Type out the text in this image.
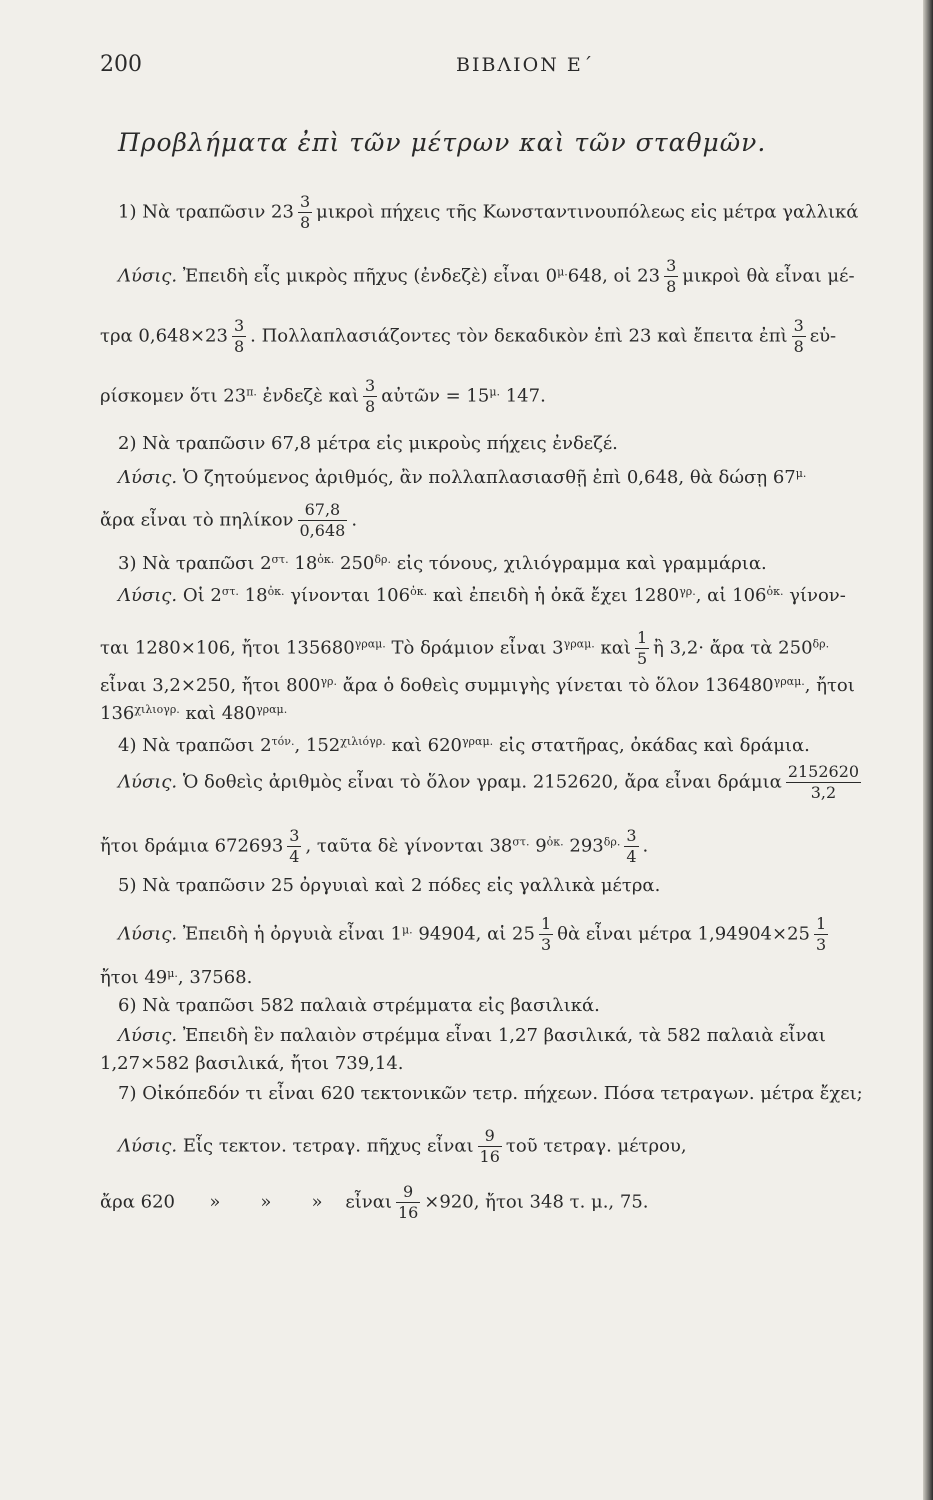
200	ΒΙΒΛΙΟΝ Ε΄
Προβλήματα ἐπὶ τῶν μέτρων καὶ τῶν σταθμῶν.
1) Νὰ τραπῶσιν $23 \frac{3}{8}$ μικροὶ πήχεις τῆς Κωνσταντινουπόλεως εἰς μέτρα γαλλικά
Λύσις. Ἐπειδὴ εἷς μικρὸς πῆχυς (ἐνδεζὲ) εἶναι $0^{\mu.}648$, οἱ $23 \frac{3}{8}$ μικροὶ θὰ εἶναι μέ-
τρα $0,648\times 23 \frac{3}{8}$ . Πολλαπλασιάζοντες τὸν δεκαδικὸν ἐπὶ 23 καὶ ἔπειτα ἐπὶ $\frac{3}{8}$ εὑ-
ρίσκομεν ὅτι $23^{\pi.}$ ἐνδεζὲ καὶ $\frac{3}{8}$ αὐτῶν = $15^{\mu.}$ 147.
2) Νὰ τραπῶσιν 67,8 μέτρα εἰς μικροὺς πήχεις ἐνδεζέ.
Λύσις. Ὁ ζητούμενος ἀριθμός, ἂν πολλαπλασιασθῇ ἐπὶ 0,648, θὰ δώσῃ $67^{\mu.}$
ἄρα εἶναι τὸ πηλίκον $\frac{67,8}{0,648}$ .
3) Νὰ τραπῶσι $2^{\sigma\tau.}$ $18^{ὀ\kappa.}$ $250^{\delta\rho.}$ εἰς τόνους, χιλιόγραμμα καὶ γραμμάρια.
Λύσις. Οἱ $2^{\sigma\tau.}$ $18^{ὀ\kappa.}$ γίνονται $106^{ὀ\kappa.}$ καὶ ἐπειδὴ ἡ ὀκᾶ ἔχει $1280^{\gamma\rho.}$, αἱ $106^{ὀ\kappa.}$ γίνον-
ται 1280×106, ἤτοι $135680^{\gamma\rho\alpha\mu.}$ Τὸ δράμιον εἶναι $3^{\gamma\rho\alpha\mu.}$ καὶ $\frac{1}{5}$ ἢ 3,2· ἄρα τὰ $250^{\delta\rho.}$
εἶναι 3,2×250, ἤτοι $800^{\gamma\rho.}$ ἄρα ὁ δοθεὶς συμμιγὴς γίνεται τὸ ὅλον $136480^{\gamma\rho\alpha\mu.}$, ἤτοι
$136^{\chi\iota\lambda\iota o\gamma\rho.}$ καὶ $480^{\gamma\rho\alpha\mu.}$
4) Νὰ τραπῶσι $2^{\tau ό\nu.}$, $152^{\chi\iota\lambda\iota ό\gamma\rho.}$ καὶ $620^{\gamma\rho\alpha\mu.}$ εἰς στατῆρας, ὀκάδας καὶ δράμια.
Λύσις. Ὁ δοθεὶς ἀριθμὸς εἶναι τὸ ὅλον γραμ. 2152620, ἄρα εἶναι δράμια $\frac{2152620}{3,2}$
ἤτοι δράμια $672693 \frac{3}{4}$ , ταῦτα δὲ γίνονται $38^{\sigma\tau.}$ $9^{ὀ\kappa.}$ $293^{\delta\rho.} \frac{3}{4}$ .
5) Νὰ τραπῶσιν 25 ὀργυιαὶ καὶ 2 πόδες εἰς γαλλικὰ μέτρα.
Λύσις. Ἐπειδὴ ἡ ὀργυιὰ εἶναι $1^{\mu.}$ 94904, αἱ $25 \frac{1}{3}$ θὰ εἶναι μέτρα $1,94904\times 25 \frac{1}{3}$
ἤτοι $49^{\mu.}$, 37568.
6) Νὰ τραπῶσι 582 παλαιὰ στρέμματα εἰς βασιλικά.
Λύσις. Ἐπειδὴ ἓν παλαιὸν στρέμμα εἶναι 1,27 βασιλικά, τὰ 582 παλαιὰ εἶναι
1,27×582 βασιλικά, ἤτοι 739,14.
7) Οἰκόπεδόν τι εἶναι 620 τεκτονικῶν τετρ. πήχεων. Πόσα τετραγων. μέτρα ἔχει;
Λύσις. Εἷς τεκτον. τετραγ. πῆχυς εἶναι $\frac{9}{16}$ τοῦ τετραγ. μέτρου,
ἄρα 620 » » » εἶναι $\frac{9}{16} \times 920$, ἤτοι 348 τ. μ., 75.
